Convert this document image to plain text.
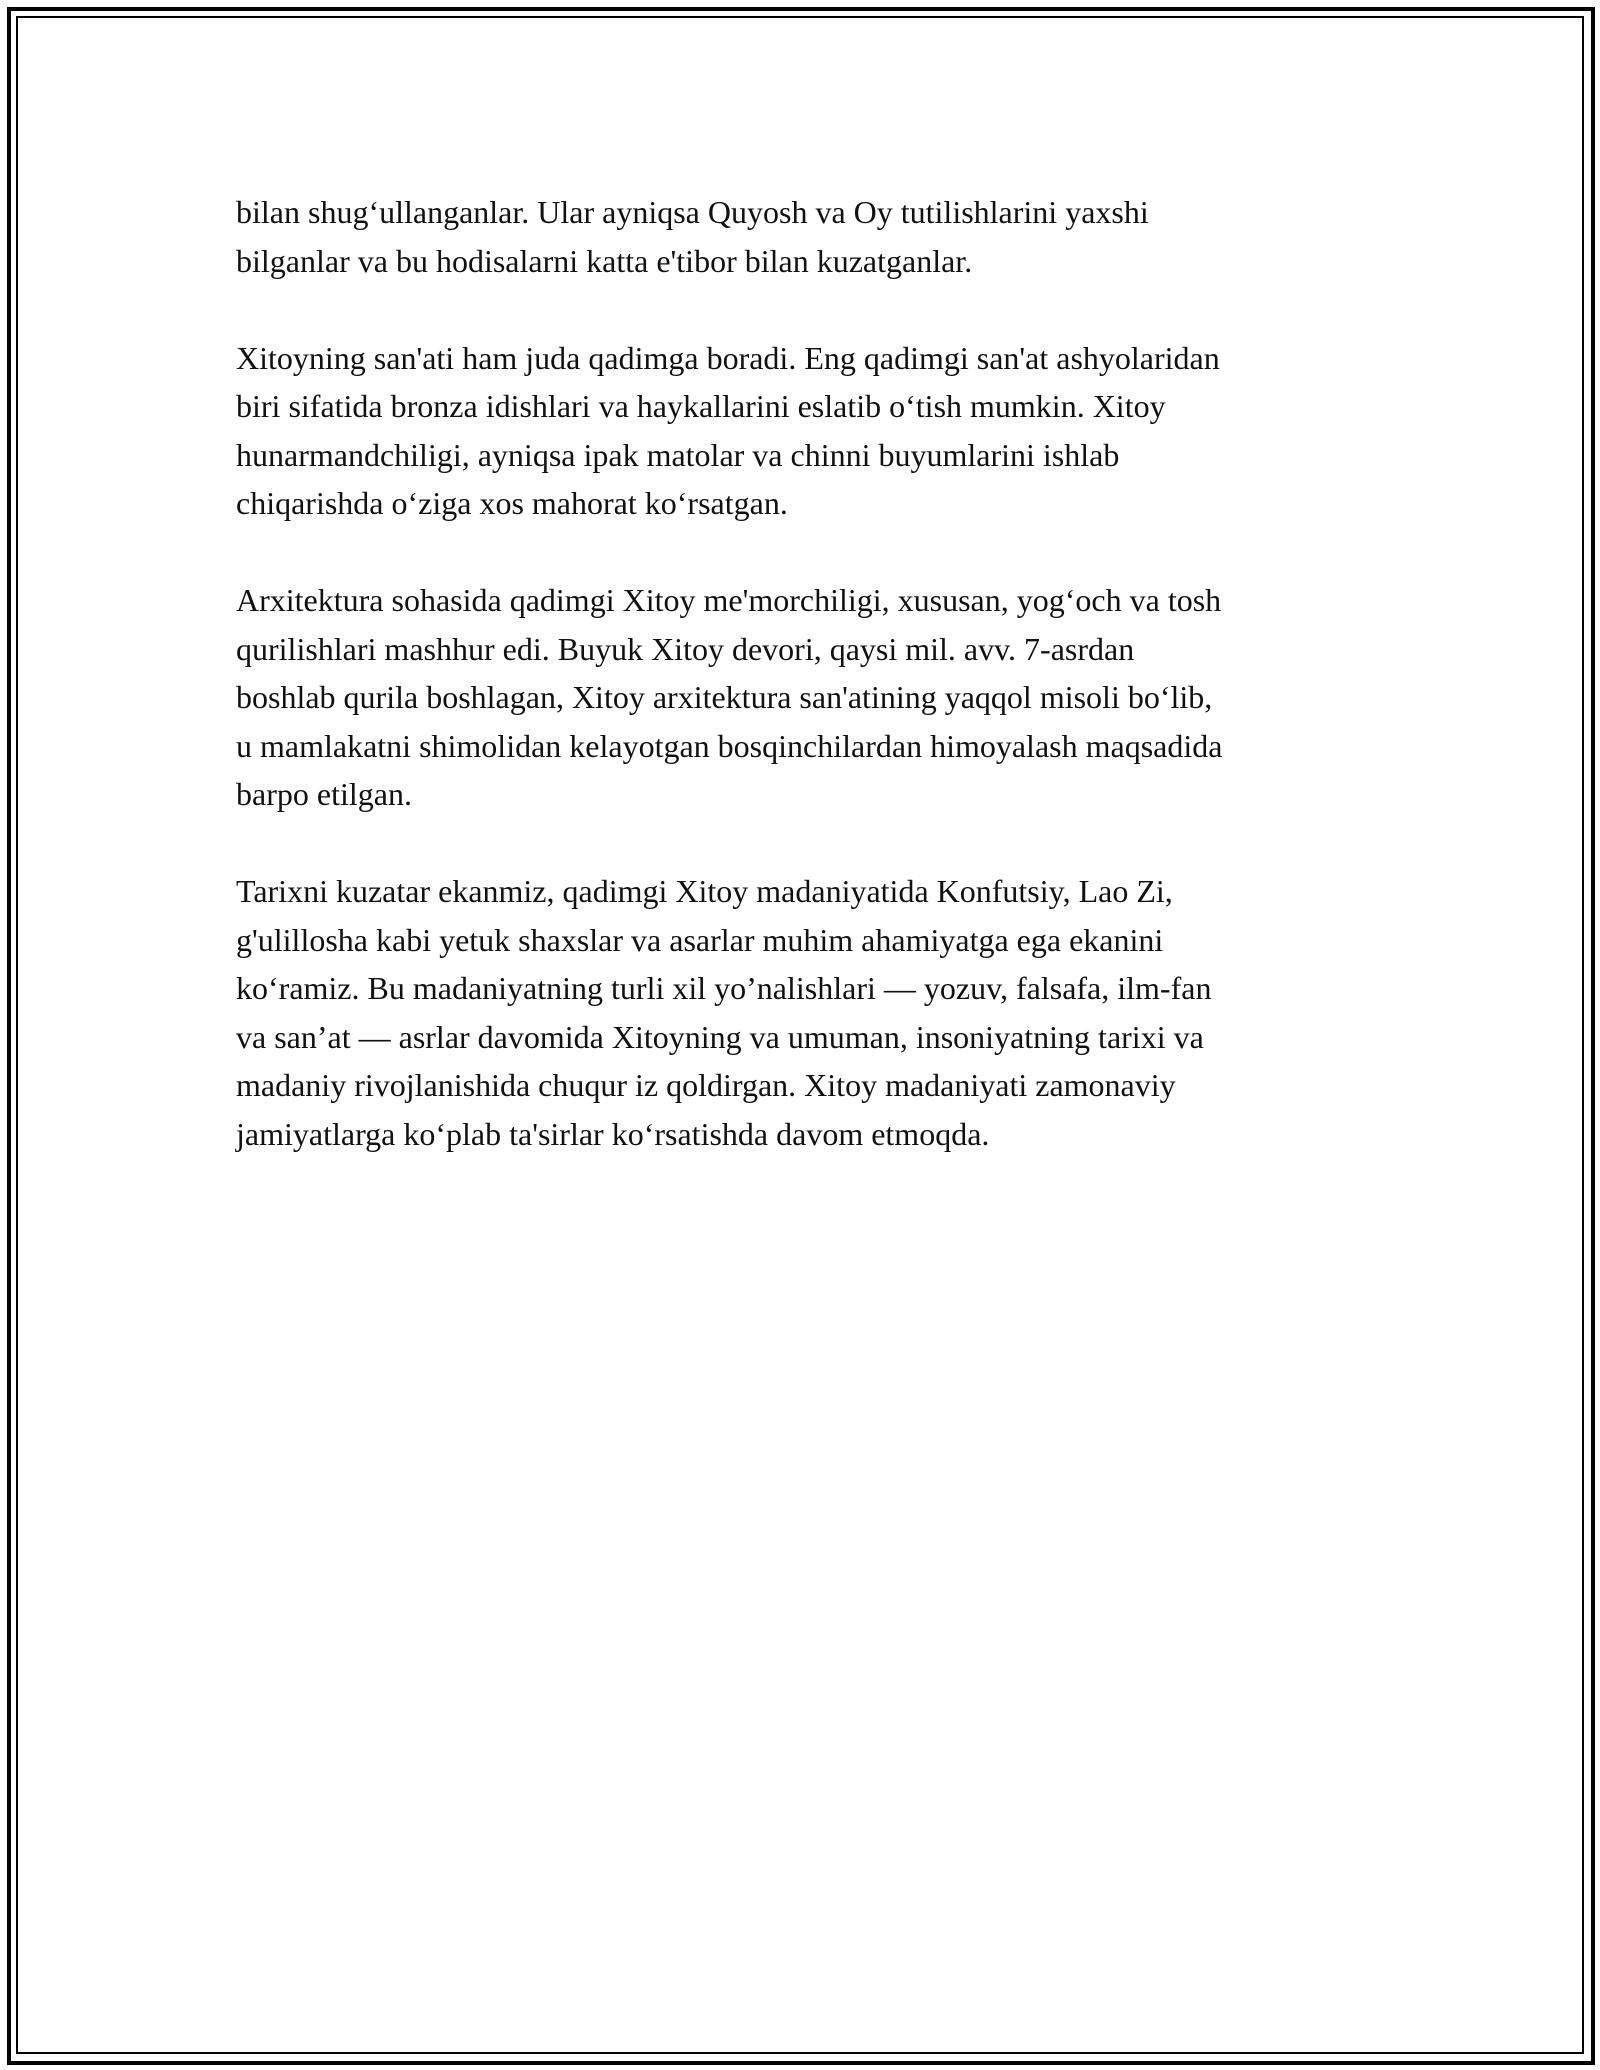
bilan shug‘ullanganlar. Ular ayniqsa Quyosh va Oy tutilishlarini yaxshi
bilganlar va bu hodisalarni katta e'tibor bilan kuzatganlar.

Xitoyning san'ati ham juda qadimga boradi. Eng qadimgi san'at ashyolaridan
biri sifatida bronza idishlari va haykallarini eslatib o‘tish mumkin. Xitoy
hunarmandchiligi, ayniqsa ipak matolar va chinni buyumlarini ishlab
chiqarishda o‘ziga xos mahorat ko‘rsatgan.

Arxitektura sohasida qadimgi Xitoy me'morchiligi, xususan, yog‘och va tosh
qurilishlari mashhur edi. Buyuk Xitoy devori, qaysi mil. avv. 7-asrdan
boshlab qurila boshlagan, Xitoy arxitektura san'atining yaqqol misoli bo‘lib,
u mamlakatni shimolidan kelayotgan bosqinchilardan himoyalash maqsadida
barpo etilgan.

Tarixni kuzatar ekanmiz, qadimgi Xitoy madaniyatida Konfutsiy, Lao Zi,
g'ulillosha kabi yetuk shaxslar va asarlar muhim ahamiyatga ega ekanini
ko‘ramiz. Bu madaniyatning turli xil yo’nalishlari — yozuv, falsafa, ilm-fan
va san’at — asrlar davomida Xitoyning va umuman, insoniyatning tarixi va
madaniy rivojlanishida chuqur iz qoldirgan. Xitoy madaniyati zamonaviy
jamiyatlarga ko‘plab ta'sirlar ko‘rsatishda davom etmoqda.
